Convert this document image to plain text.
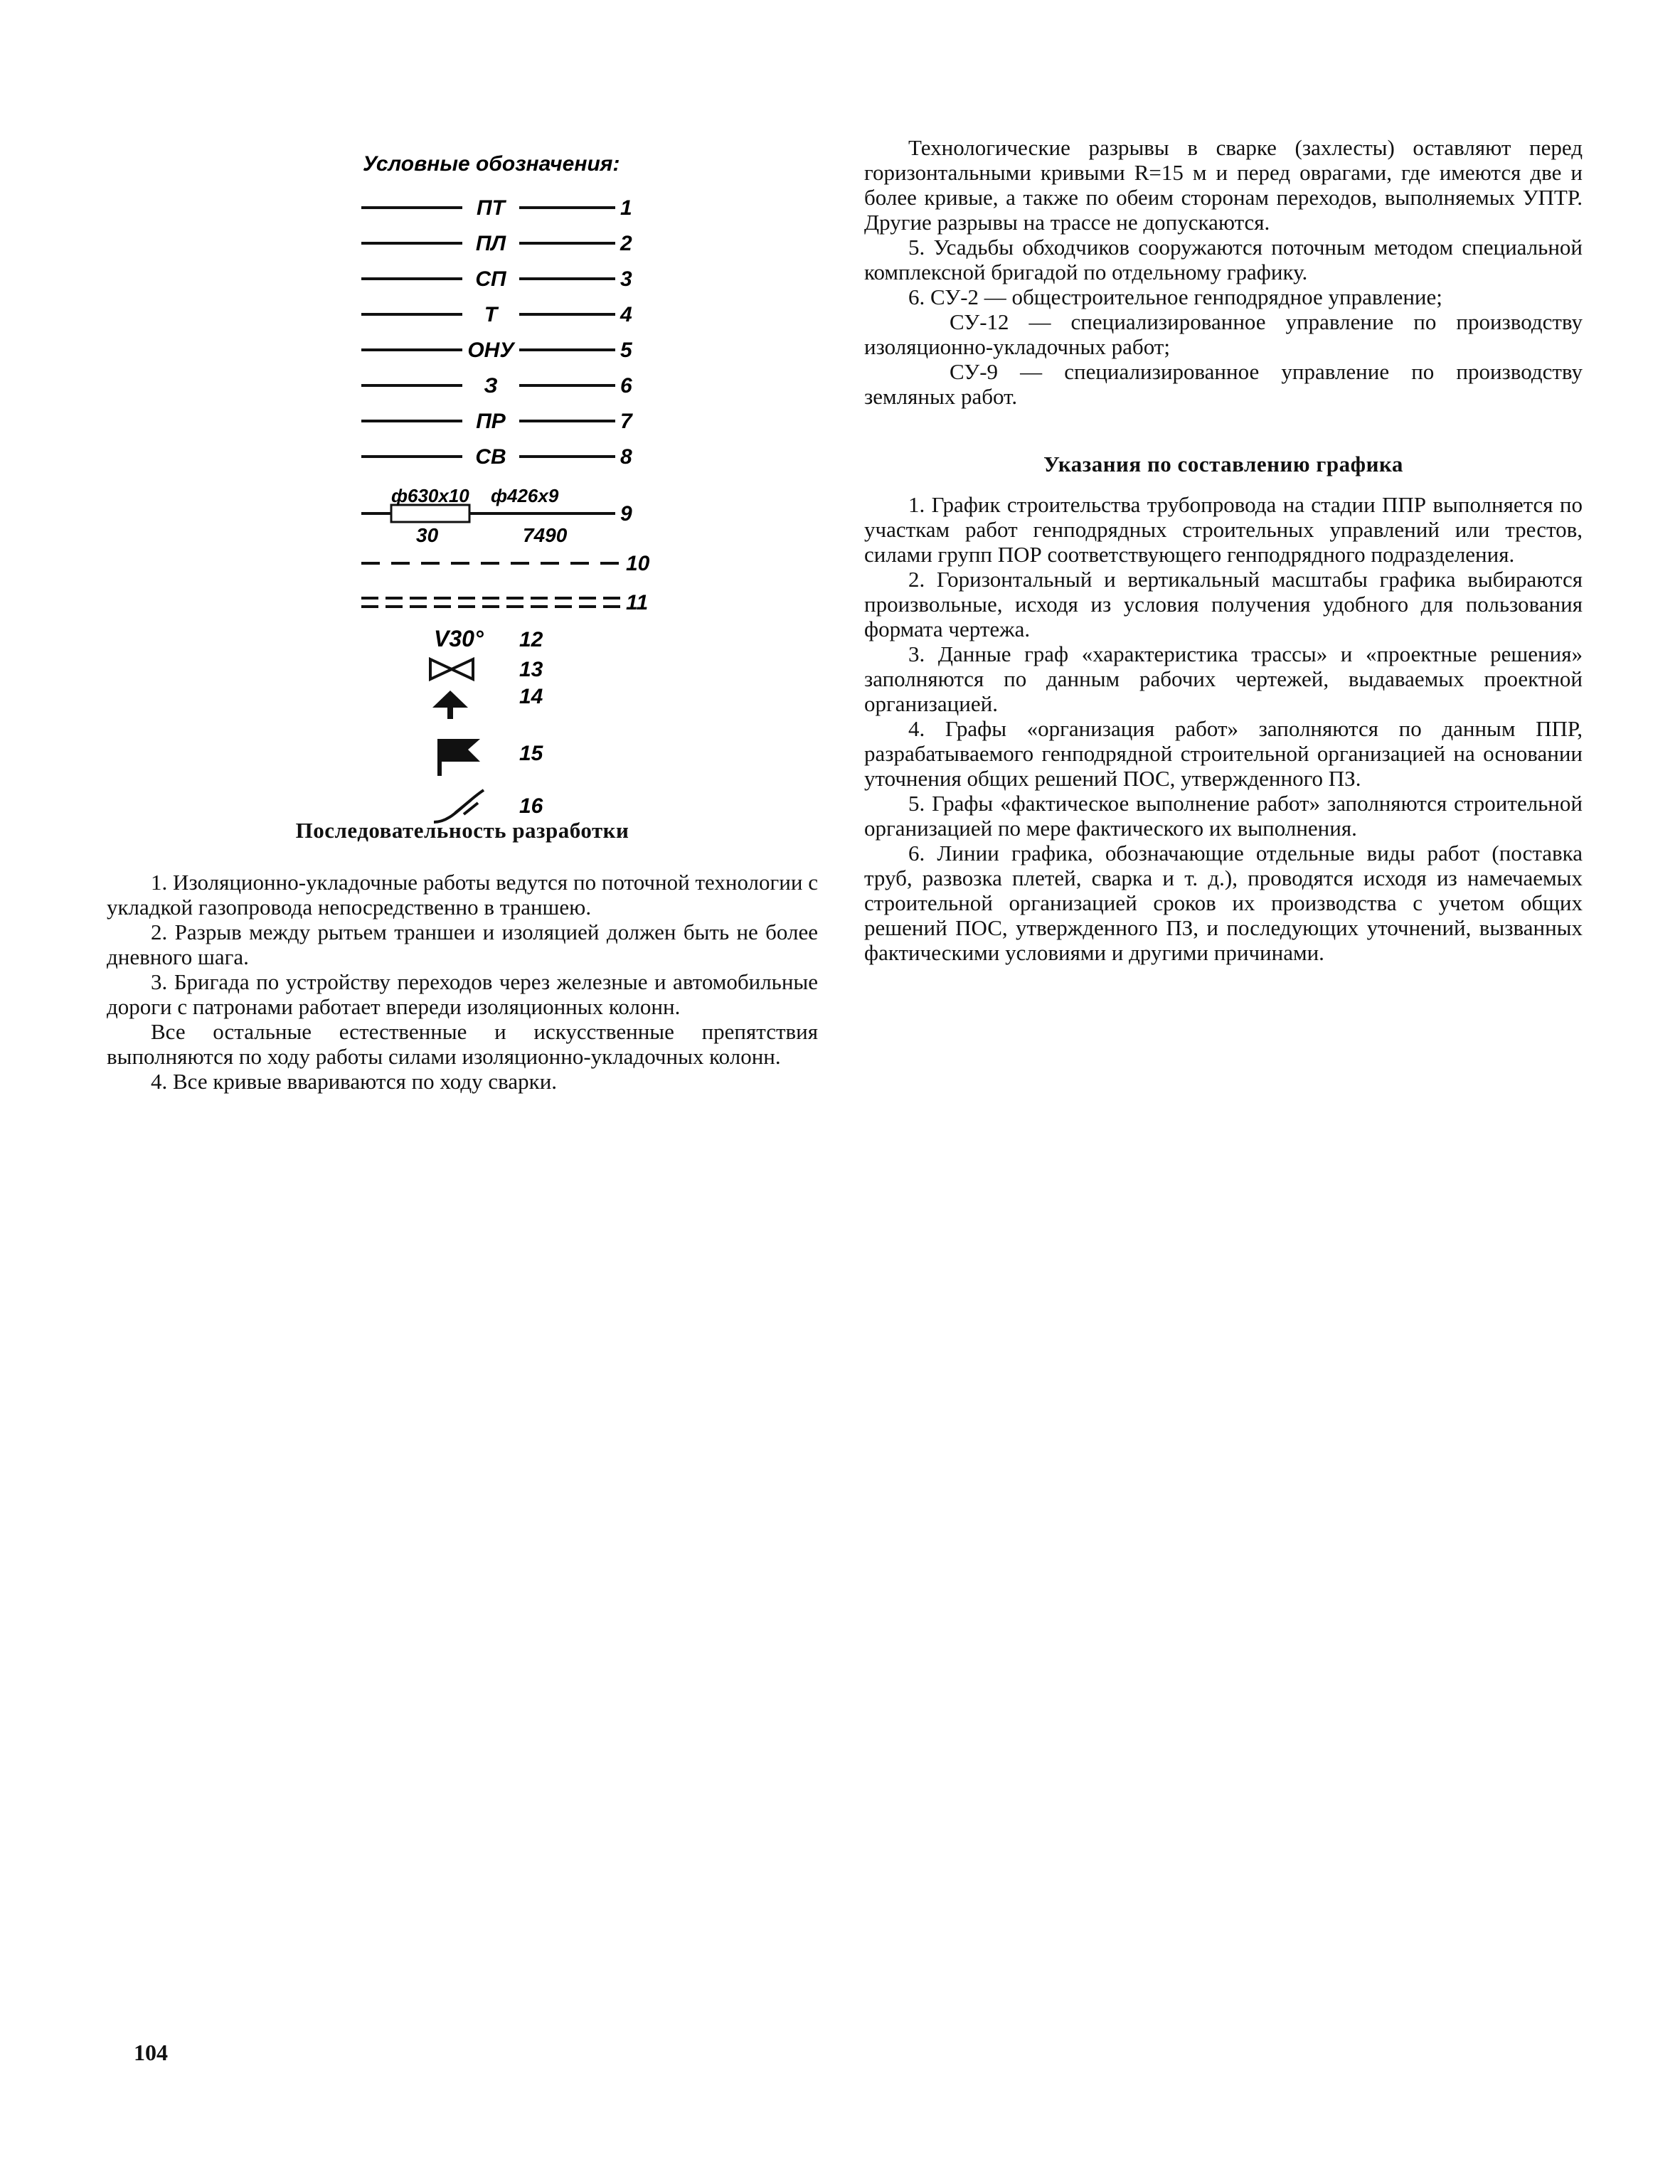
Условные обозначения:
ПТ	1
ПЛ	2
СП	3
Т	4
ОНУ	5
З	6
ПР	7
СВ	8
ф630х10 ф426х9
30	7490
9
10
11
V30° 12
13
14
15
16

Последовательность разработки

1. Изоляционно-укладочные работы ведутся по поточной технологии с укладкой газопровода непосредственно в траншею.

2. Разрыв между рытьем траншеи и изоляцией должен быть не более дневного шага.

3. Бригада по устройству переходов через железные и автомобильные дороги с патронами работает впереди изоляционных колонн.

Все остальные естественные и искусственные препятствия выполняются по ходу работы силами изоляционно-укладочных колонн.

4. Все кривые ввариваются по ходу сварки.

Технологические разрывы в сварке (захлесты) оставляют перед горизонтальными кривыми R=15 м и перед оврагами, где имеются две и более кривые, а также по обеим сторонам переходов, выполняемых УПТР. Другие разрывы на трассе не допускаются.

5. Усадьбы обходчиков сооружаются поточным методом специальной комплексной бригадой по отдельному графику.

6. СУ-2 — общестроительное генподрядное управление;

СУ-12 — специализированное управление по производству изоляционно-укладочных работ;

СУ-9 — специализированное управление по производству земляных работ.

Указания по составлению графика

1. График строительства трубопровода на стадии ППР выполняется по участкам работ генподрядных строительных управлений или трестов, силами групп ПОР соответствующего генподрядного подразделения.

2. Горизонтальный и вертикальный масштабы графика выбираются произвольные, исходя из условия получения удобного для пользования формата чертежа.

3. Данные граф «характеристика трассы» и «проектные решения» заполняются по данным рабочих чертежей, выдаваемых проектной организацией.

4. Графы «организация работ» заполняются по данным ППР, разрабатываемого генподрядной строительной организацией на основании уточнения общих решений ПОС, утвержденного ПЗ.

5. Графы «фактическое выполнение работ» заполняются строительной организацией по мере фактического их выполнения.

6. Линии графика, обозначающие отдельные виды работ (поставка труб, развозка плетей, сварка и т. д.), проводятся исходя из намечаемых строительной организацией сроков их производства с учетом общих решений ПОС, утвержденного ПЗ, и последующих уточнений, вызванных фактическими условиями и другими причинами.

104
